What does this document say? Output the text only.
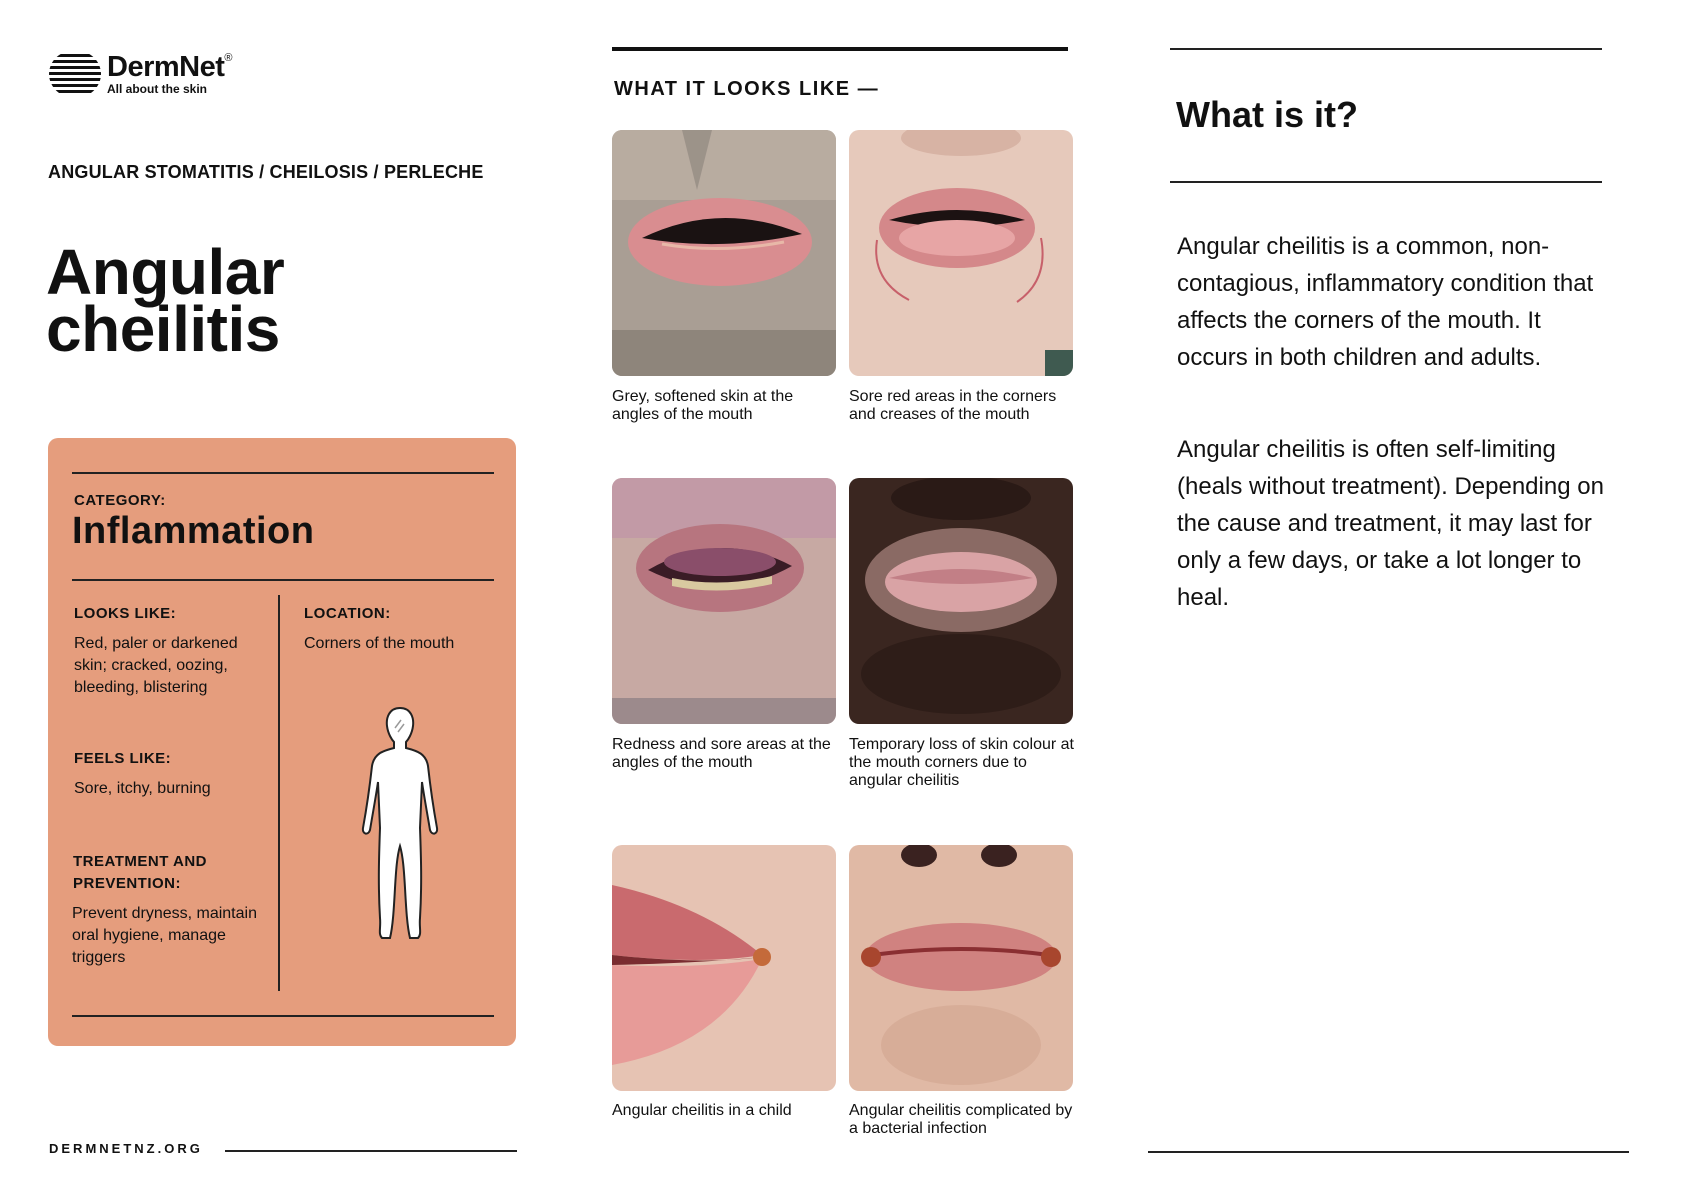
DermNet®
All about the skin
ANGULAR STOMATITIS / CHEILOSIS / PERLECHE
Angular
cheilitis
CATEGORY:
Inflammation
LOOKS LIKE:
Red, paler or darkened skin; cracked, oozing, bleeding, blistering
FEELS LIKE:
Sore, itchy, burning
TREATMENT AND PREVENTION:
Prevent dryness, maintain oral hygiene, manage triggers
LOCATION:
Corners of the mouth
DERMNETNZ.ORG
WHAT IT LOOKS LIKE —
Grey, softened skin at the angles of the mouth
Sore red areas in the corners and creases of the mouth
Redness and sore areas at the angles of the mouth
Temporary loss of skin colour at the mouth corners due to angular cheilitis
Angular cheilitis in a child	Angular cheilitis complicated by a bacterial infection
What is it?

Angular cheilitis is a common, non-contagious, inflammatory condition that affects the corners of the mouth. It occurs in both children and adults.

Angular cheilitis is often self-limiting (heals without treatment). Depending on the cause and treatment, it may last for only a few days, or take a lot longer to heal.
